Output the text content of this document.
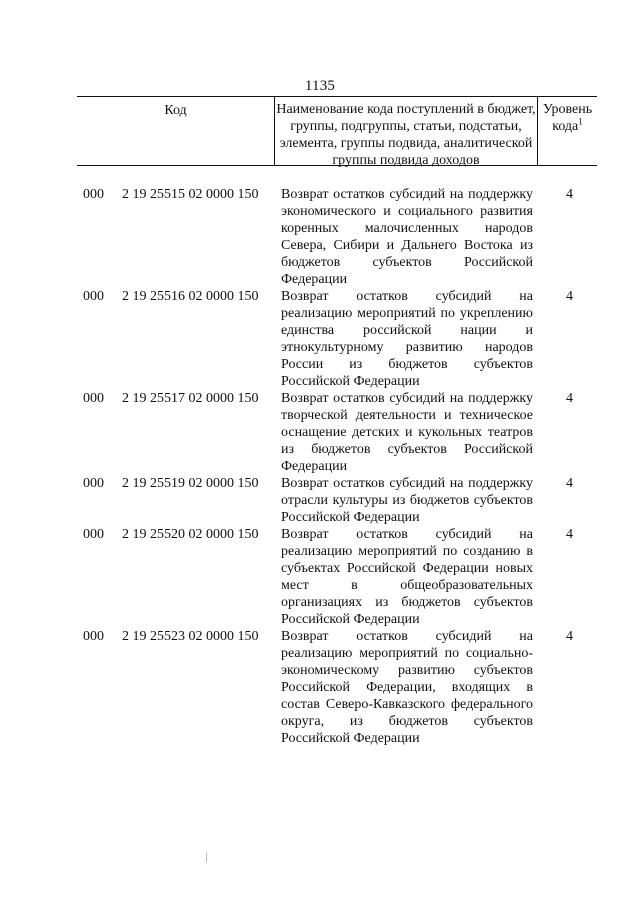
1135
Код	Наименование кода поступлений в бюджет, группы, подгруппы, статьи, подстатьи, элемента, группы подвида, аналитической группы подвида доходов
Уровень
кода$^1$
000 2 19 25515 02 0000 150 Возврат остатков субсидий на поддержку экономического и социального развития коренных малочисленных народов Севера, Сибири и Дальнего Востока из бюджетов субъектов Российской Федерации
4
000 2 19 25516 02 0000 150 Возврат остатков субсидий на реализацию мероприятий по укреплению единства российской нации и этнокультурному развитию народов России из бюджетов субъектов Российской Федерации
4
000 2 19 25517 02 0000 150 Возврат остатков субсидий на поддержку творческой деятельности и техническое оснащение детских и кукольных театров из бюджетов субъектов Российской Федерации
4
000 2 19 25519 02 0000 150 Возврат остатков субсидий на поддержку отрасли культуры из бюджетов субъектов Российской Федерации
4
000 2 19 25520 02 0000 150 Возврат остатков субсидий на реализацию мероприятий по созданию в субъектах Российской Федерации новых мест в общеобразовательных организациях из бюджетов субъектов Российской Федерации
4
000 2 19 25523 02 0000 150 Возврат остатков субсидий на реализацию мероприятий по социально-экономическому развитию субъектов Российской Федерации, входящих в состав Северо-Кавказского федерального округа, из бюджетов субъектов Российской Федерации
4
